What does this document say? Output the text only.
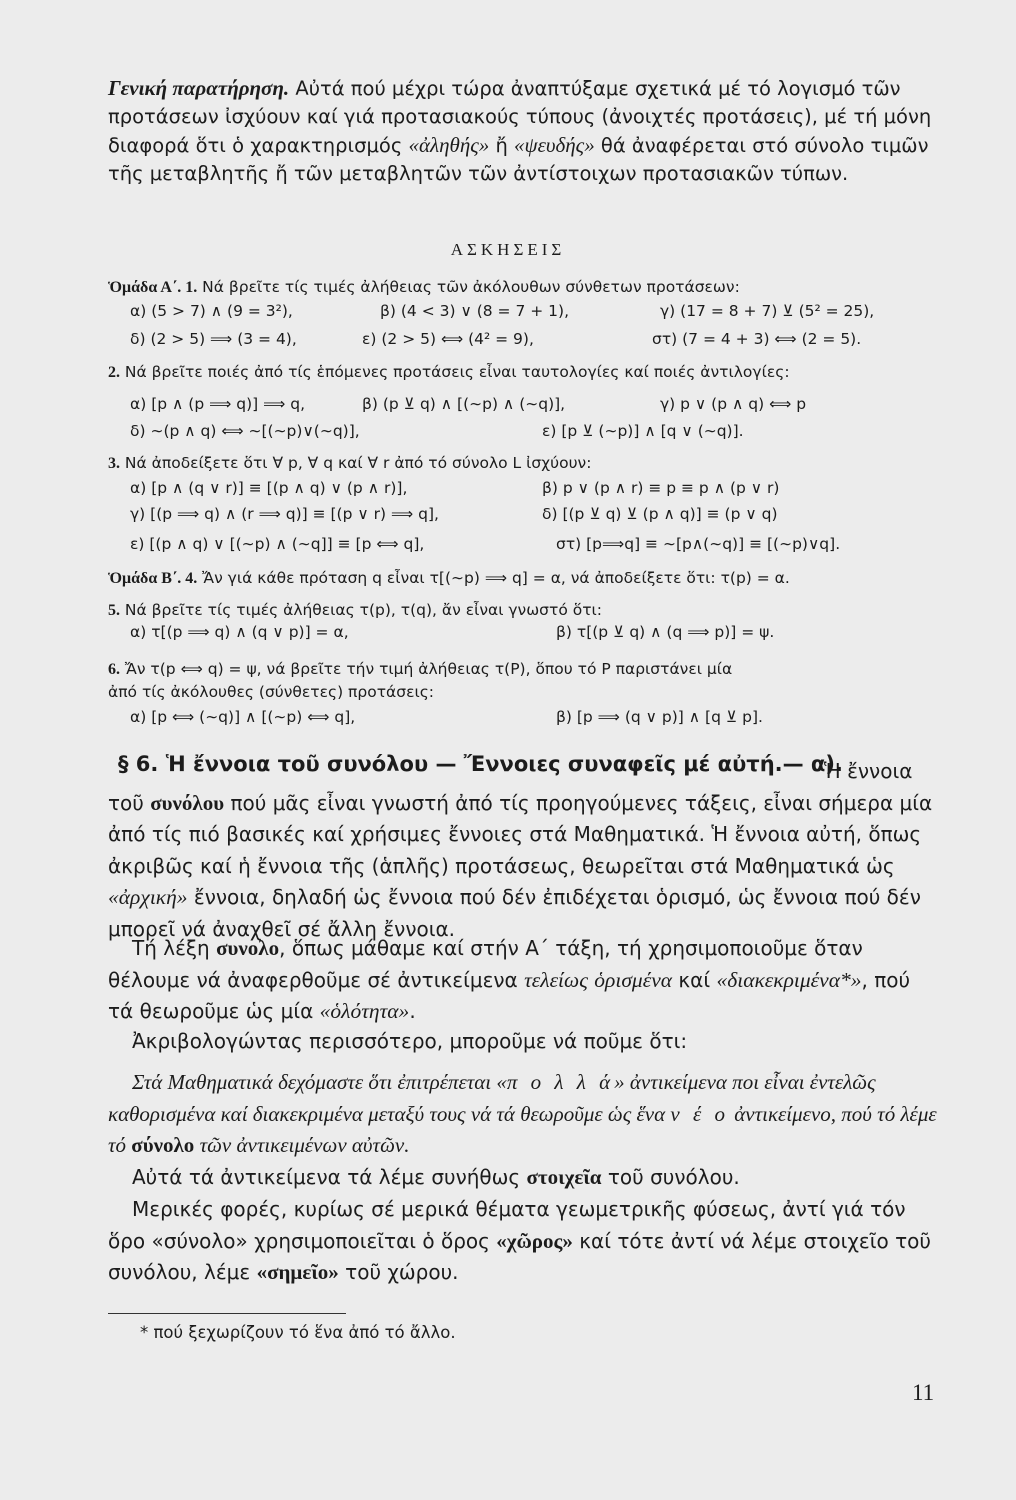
Γενική παρατήρηση. Αὐτά πού μέχρι τώρα ἀναπτύξαμε σχετικά μέ τό λογισμό τῶν προτάσεων ἰσχύουν καί γιά προτασιακούς τύπους (ἀνοιχτές προτάσεις), μέ τή μόνη διαφορά ὅτι ὁ χαρακτηρισμός «ἀληθής» ἤ «ψευδής» θά ἀναφέρεται στό σύνολο τιμῶν τῆς μεταβλητῆς ἤ τῶν μεταβλητῶν τῶν ἀντίστοιχων προτασιακῶν τύπων.

ΑΣΚΗΣΕΙΣ
Ὁμάδα Α΄. 1. Νά βρεῖτε τίς τιμές ἀλήθειας τῶν ἀκόλουθων σύνθετων προτάσεων:
α) (5 > 7) ∧ (9 = 3²),	β) (4 < 3) ∨ (8 = 7 + 1),	γ) (17 = 8 + 7) ⊻ (5² = 25),
δ) (2 > 5) ⟹ (3 = 4),	ε) (2 > 5) ⟺ (4² = 9),	στ) (7 = 4 + 3) ⟺ (2 = 5).
2. Νά βρεῖτε ποιές ἀπό τίς ἑπόμενες προτάσεις εἶναι ταυτολογίες καί ποιές ἀντιλογίες:
α) [p ∧ (p ⟹ q)] ⟹ q,	β) (p ⊻ q) ∧ [(∼p) ∧ (∼q)],	γ) p ∨ (p ∧ q) ⟺ p
δ) ∼(p ∧ q) ⟺ ∼[(∼p)∨(∼q)],	ε) [p ⊻ (∼p)] ∧ [q ∨ (∼q)].
3. Νά ἀποδείξετε ὅτι ∀ p, ∀ q καί ∀ r ἀπό τό σύνολο L ἰσχύουν:
α) [p ∧ (q ∨ r)] ≡ [(p ∧ q) ∨ (p ∧ r)],	β) p ∨ (p ∧ r) ≡ p ≡ p ∧ (p ∨ r)
γ) [(p ⟹ q) ∧ (r ⟹ q)] ≡ [(p ∨ r) ⟹ q],	δ) [(p ⊻ q) ⊻ (p ∧ q)] ≡ (p ∨ q)
ε) [(p ∧ q) ∨ [(∼p) ∧ (∼q]] ≡ [p ⟺ q],	στ) [p⟹q] ≡ ∼[p∧(∼q)] ≡ [(∼p)∨q].
Ὁμάδα Β΄. 4. Ἄν γιά κάθε πρόταση q εἶναι τ[(∼p) ⟹ q] = α, νά ἀποδείξετε ὅτι: τ(p) = α.
5. Νά βρεῖτε τίς τιμές ἀλήθειας τ(p), τ(q), ἄν εἶναι γνωστό ὅτι:
α) τ[(p ⟹ q) ∧ (q ∨ p)] = α,	β) τ[(p ⊻ q) ∧ (q ⟹ p)] = ψ.
6. Ἄν τ(p ⟺ q) = ψ, νά βρεῖτε τήν τιμή ἀλήθειας τ(P), ὅπου τό P παριστάνει μία
ἀπό τίς ἀκόλουθες (σύνθετες) προτάσεις:
α) [p ⟺ (∼q)] ∧ [(∼p) ⟺ q],	β) [p ⟹ (q ∨ p)] ∧ [q ⊻ p].
§ 6. Ἡ ἔννοια τοῦ συνόλου — Ἔννοιες συναφεῖς μέ αὐτή.— α).

Ἡ ἔννοια τοῦ συνόλου πού μᾶς εἶναι γνωστή ἀπό τίς προηγούμενες τάξεις, εἶναι σήμερα μία ἀπό τίς πιό βασικές καί χρήσιμες ἔννοιες στά Μαθηματικά. Ἡ ἔννοια αὐτή, ὅπως ἀκριβῶς καί ἡ ἔννοια τῆς (ἁπλῆς) προτάσεως, θεωρεῖται στά Μαθηματικά ὡς «ἀρχική» ἔννοια, δηλαδή ὡς ἔννοια πού δέν ἐπιδέχεται ὁρισμό, ὡς ἔννοια πού δέν μπορεῖ νά ἀναχθεῖ σέ ἄλλη ἔννοια.

Τή λέξη συνολο, ὅπως μάθαμε καί στήν Α΄ τάξη, τή χρησιμοποιοῦμε ὅταν θέλουμε νά ἀναφερθοῦμε σέ ἀντικείμενα τελείως ὁρισμένα καί «διακεκριμένα*», πού τά θεωροῦμε ὡς μία «ὁλότητα».

Ἀκριβολογώντας περισσότερο, μποροῦμε νά ποῦμε ὅτι:

Στά Μαθηματικά δεχόμαστε ὅτι ἐπιτρέπεται «π ο λ λ ά» ἀντικείμενα ποι εἶναι ἐντελῶς καθορισμένα καί διακεκριμένα μεταξύ τους νά τά θεωροῦμε ὡς ἕνα ν έ ο ἀντικείμενο, πού τό λέμε τό σύνολο τῶν ἀντικειμένων αὐτῶν.

Αὐτά τά ἀντικείμενα τά λέμε συνήθως στοιχεῖα τοῦ συνόλου.

Μερικές φορές, κυρίως σέ μερικά θέματα γεωμετρικῆς φύσεως, ἀντί γιά τόν ὅρο «σύνολο» χρησιμοποιεῖται ὁ ὅρος «χῶρος» καί τότε ἀντί νά λέμε στοιχεῖο τοῦ συνόλου, λέμε «σημεῖο» τοῦ χώρου.

* πού ξεχωρίζουν τό ἕνα ἀπό τό ἄλλο.
11
